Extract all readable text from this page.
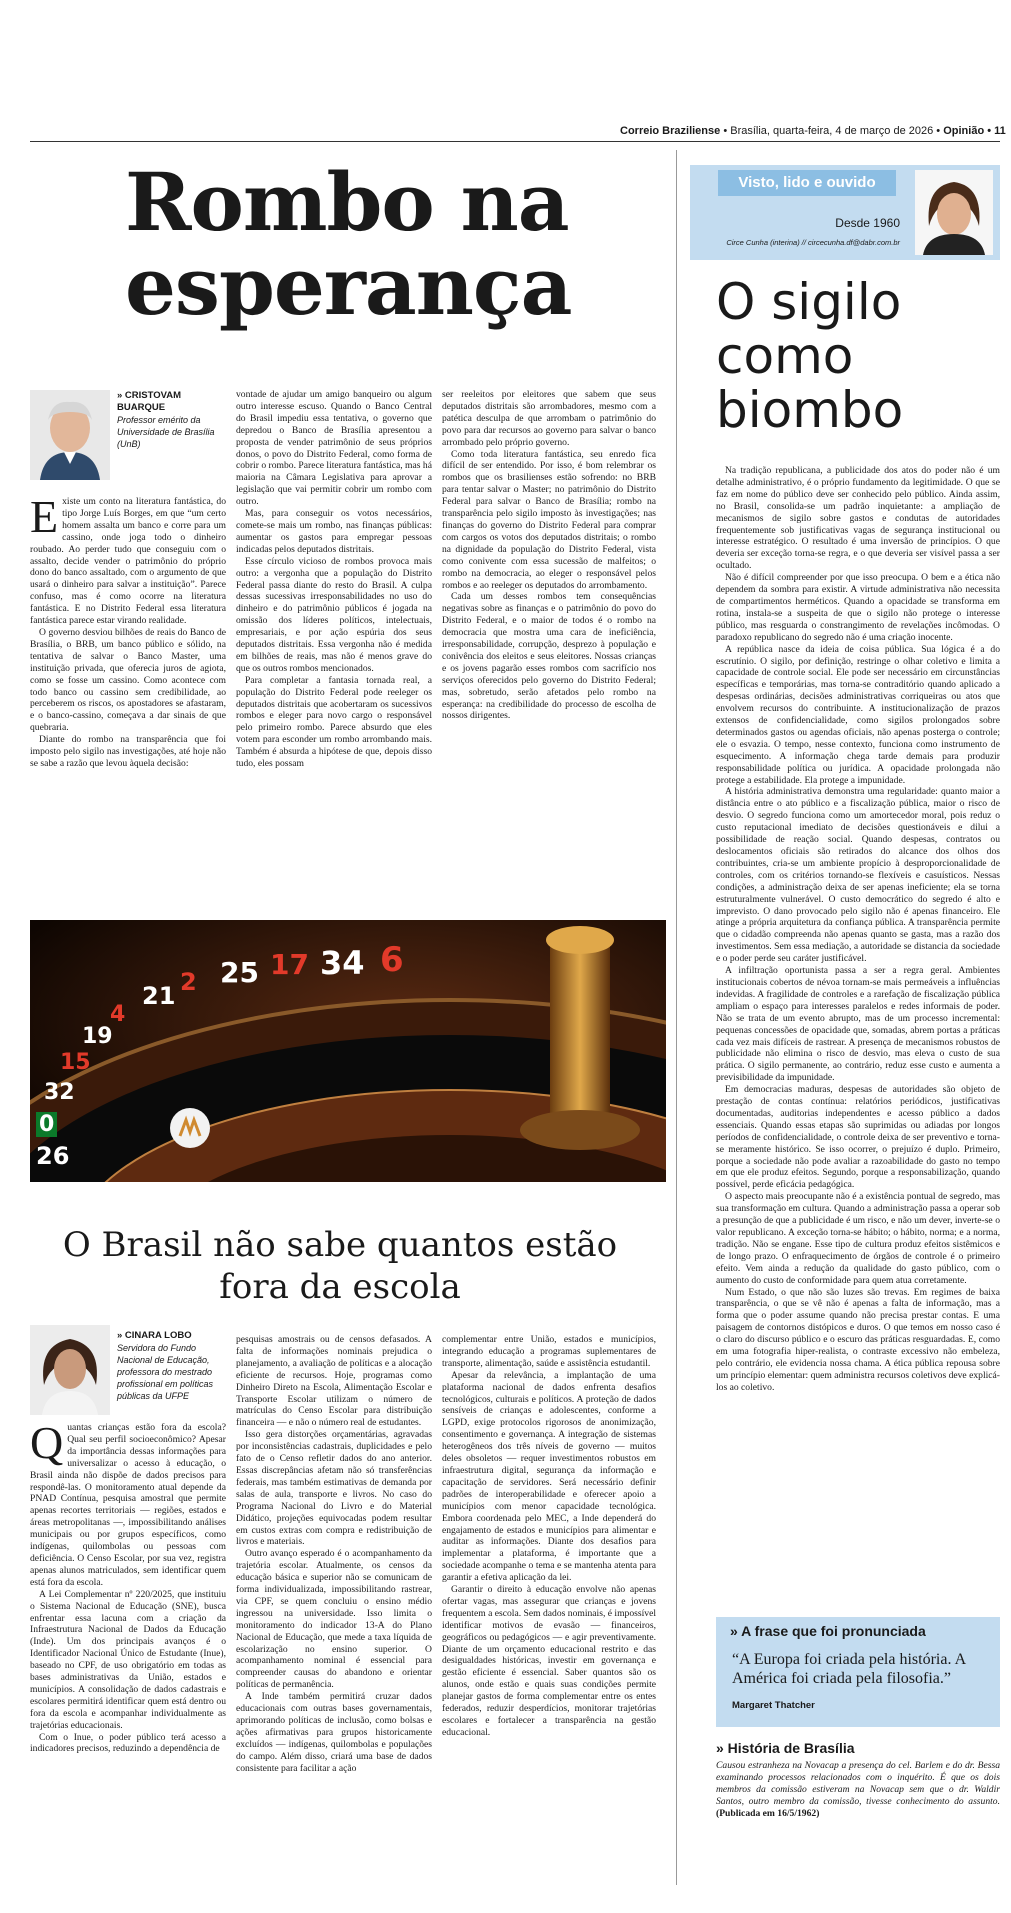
Correio Braziliense • Brasília, quarta-feira, 4 de março de 2026 • Opinião • 11
Rombo na
esperança
» CRISTOVAM BUARQUE
Professor emérito da Universidade de Brasília (UnB)

Existe um conto na literatura fantástica, do tipo Jorge Luís Borges, em que “um certo homem assalta um banco e corre para um cassino, onde joga todo o dinheiro roubado. Ao perder tudo que conseguiu com o assalto, decide vender o patrimônio do próprio dono do banco assaltado, com o argumento de que usará o dinheiro para salvar a instituição”. Parece confuso, mas é como ocorre na literatura fantástica. E no Distrito Federal essa literatura fantástica parece estar virando realidade.

O governo desviou bilhões de reais do Banco de Brasília, o BRB, um banco público e sólido, na tentativa de salvar o Banco Master, uma instituição privada, que oferecia juros de agiota, como se fosse um cassino. Como acontece com todo banco ou cassino sem credibilidade, ao perceberem os riscos, os apostadores se afastaram, e o banco-cassino, começava a dar sinais de que quebraria.

Diante do rombo na transparência que foi imposto pelo sigilo nas investigações, até hoje não se sabe a razão que levou àquela decisão:

vontade de ajudar um amigo banqueiro ou algum outro interesse escuso. Quando o Banco Central do Brasil impediu essa tentativa, o governo que depredou o Banco de Brasília apresentou a proposta de vender patrimônio de seus próprios donos, o povo do Distrito Federal, como forma de cobrir o rombo. Parece literatura fantástica, mas há maioria na Câmara Legislativa para aprovar a legislação que vai permitir cobrir um rombo com outro.

Mas, para conseguir os votos necessários, comete-se mais um rombo, nas finanças públicas: aumentar os gastos para empregar pessoas indicadas pelos deputados distritais.

Esse círculo vicioso de rombos provoca mais outro: a vergonha que a população do Distrito Federal passa diante do resto do Brasil. A culpa dessas sucessivas irresponsabilidades no uso do dinheiro e do patrimônio públicos é jogada na omissão dos líderes políticos, intelectuais, empresariais, e por ação espúria dos seus deputados distritais. Essa vergonha não é medida em bilhões de reais, mas não é menos grave do que os outros rombos mencionados.

Para completar a fantasia tornada real, a população do Distrito Federal pode reeleger os deputados distritais que acobertaram os sucessivos rombos e eleger para novo cargo o responsável pelo primeiro rombo. Parece absurdo que eles votem para esconder um rombo arrombando mais. Também é absurda a hipótese de que, depois disso tudo, eles possam

ser reeleitos por eleitores que sabem que seus deputados distritais são arrombadores, mesmo com a patética desculpa de que arrombam o patrimônio do povo para dar recursos ao governo para salvar o banco arrombado pelo próprio governo.

Como toda literatura fantástica, seu enredo fica difícil de ser entendido. Por isso, é bom relembrar os rombos que os brasilienses estão sofrendo: no BRB para tentar salvar o Master; no patrimônio do Distrito Federal para salvar o Banco de Brasília; rombo na transparência pelo sigilo imposto às investigações; nas finanças do governo do Distrito Federal para comprar com cargos os votos dos deputados distritais; o rombo na dignidade da população do Distrito Federal, vista como conivente com essa sucessão de malfeitos; o rombo na democracia, ao eleger o responsável pelos rombos e ao reeleger os deputados do arrombamento.

Cada um desses rombos tem consequências negativas sobre as finanças e o patrimônio do povo do Distrito Federal, e o maior de todos é o rombo na democracia que mostra uma cara de ineficiência, irresponsabilidade, corrupção, desprezo à população e conivência dos eleitos e seus eleitores. Nossas crianças e os jovens pagarão esses rombos com sacrifício nos serviços oferecidos pelo governo do Distrito Federal; mas, sobretudo, serão afetados pelo rombo na esperança: na credibilidade do processo de escolha de nossos dirigentes.

26
0
32
15
19
4
21 2 25 17 34 6
O Brasil não sabe quantos estão fora da escola
» CINARA LOBO
Servidora do Fundo Nacional de Educação, professora do mestrado profissional em políticas públicas da UFPE

Quantas crianças estão fora da escola? Qual seu perfil socioeconômico? Apesar da importância dessas informações para universalizar o acesso à educação, o Brasil ainda não dispõe de dados precisos para respondê-las. O monitoramento atual depende da PNAD Contínua, pesquisa amostral que permite apenas recortes territoriais — regiões, estados e áreas metropolitanas —, impossibilitando análises municipais ou por grupos específicos, como indígenas, quilombolas ou pessoas com deficiência. O Censo Escolar, por sua vez, registra apenas alunos matriculados, sem identificar quem está fora da escola.

A Lei Complementar nº 220/2025, que instituiu o Sistema Nacional de Educação (SNE), busca enfrentar essa lacuna com a criação da Infraestrutura Nacional de Dados da Educação (Inde). Um dos principais avanços é o Identificador Nacional Único de Estudante (Inue), baseado no CPF, de uso obrigatório em todas as bases administrativas da União, estados e municípios. A consolidação de dados cadastrais e escolares permitirá identificar quem está dentro ou fora da escola e acompanhar individualmente as trajetórias educacionais.

Com o Inue, o poder público terá acesso a indicadores precisos, reduzindo a dependência de

pesquisas amostrais ou de censos defasados. A falta de informações nominais prejudica o planejamento, a avaliação de políticas e a alocação eficiente de recursos. Hoje, programas como Dinheiro Direto na Escola, Alimentação Escolar e Transporte Escolar utilizam o número de matrículas do Censo Escolar para distribuição financeira — e não o número real de estudantes.

Isso gera distorções orçamentárias, agravadas por inconsistências cadastrais, duplicidades e pelo fato de o Censo refletir dados do ano anterior. Essas discrepâncias afetam não só transferências federais, mas também estimativas de demanda por salas de aula, transporte e livros. No caso do Programa Nacional do Livro e do Material Didático, projeções equivocadas podem resultar em custos extras com compra e redistribuição de livros e materiais.

Outro avanço esperado é o acompanhamento da trajetória escolar. Atualmente, os censos da educação básica e superior não se comunicam de forma individualizada, impossibilitando rastrear, via CPF, se quem concluiu o ensino médio ingressou na universidade. Isso limita o monitoramento do indicador 13-A do Plano Nacional de Educação, que mede a taxa líquida de escolarização no ensino superior. O acompanhamento nominal é essencial para compreender causas do abandono e orientar políticas de permanência.

A Inde também permitirá cruzar dados educacionais com outras bases governamentais, aprimorando políticas de inclusão, como bolsas e ações afirmativas para grupos historicamente excluídos — indígenas, quilombolas e populações do campo. Além disso, criará uma base de dados consistente para facilitar a ação

complementar entre União, estados e municípios, integrando educação a programas suplementares de transporte, alimentação, saúde e assistência estudantil.

Apesar da relevância, a implantação de uma plataforma nacional de dados enfrenta desafios tecnológicos, culturais e políticos. A proteção de dados sensíveis de crianças e adolescentes, conforme a LGPD, exige protocolos rigorosos de anonimização, consentimento e governança. A integração de sistemas heterogêneos dos três níveis de governo — muitos deles obsoletos — requer investimentos robustos em infraestrutura digital, segurança da informação e capacitação de servidores. Será necessário definir padrões de interoperabilidade e oferecer apoio a municípios com menor capacidade tecnológica. Embora coordenada pelo MEC, a Inde dependerá do engajamento de estados e municípios para alimentar e auditar as informações. Diante dos desafios para implementar a plataforma, é importante que a sociedade acompanhe o tema e se mantenha atenta para garantir a efetiva aplicação da lei.

Garantir o direito à educação envolve não apenas ofertar vagas, mas assegurar que crianças e jovens frequentem a escola. Sem dados nominais, é impossível identificar motivos de evasão — financeiros, geográficos ou pedagógicos — e agir preventivamente. Diante de um orçamento educacional restrito e das desigualdades históricas, investir em governança e gestão eficiente é essencial. Saber quantos são os alunos, onde estão e quais suas condições permite planejar gastos de forma complementar entre os entes federados, reduzir desperdícios, monitorar trajetórias escolares e fortalecer a transparência na gestão educacional.

Visto, lido e ouvido
Desde 1960
Circe Cunha (interina) // circecunha.df@dabr.com.br
O sigilo
como
biombo

Na tradição republicana, a publicidade dos atos do poder não é um detalhe administrativo, é o próprio fundamento da legitimidade. O que se faz em nome do público deve ser conhecido pelo público. Ainda assim, no Brasil, consolida-se um padrão inquietante: a ampliação de mecanismos de sigilo sobre gastos e condutas de autoridades frequentemente sob justificativas vagas de segurança institucional ou interesse estratégico. O resultado é uma inversão de princípios. O que deveria ser exceção torna-se regra, e o que deveria ser visível passa a ser ocultado.

Não é difícil compreender por que isso preocupa. O bem e a ética não dependem da sombra para existir. A virtude administrativa não necessita de compartimentos herméticos. Quando a opacidade se transforma em rotina, instala-se a suspeita de que o sigilo não protege o interesse público, mas resguarda o constrangimento de revelações incômodas. O paradoxo republicano do segredo não é uma criação inocente.

A república nasce da ideia de coisa pública. Sua lógica é a do escrutínio. O sigilo, por definição, restringe o olhar coletivo e limita a capacidade de controle social. Ele pode ser necessário em circunstâncias específicas e temporárias, mas torna-se contraditório quando aplicado a despesas ordinárias, decisões administrativas corriqueiras ou atos que envolvem recursos do contribuinte. A institucionalização de prazos extensos de confidencialidade, como sigilos prolongados sobre determinados gastos ou agendas oficiais, não apenas posterga o controle; ele o esvazia. O tempo, nesse contexto, funciona como instrumento de esquecimento. A informação chega tarde demais para produzir responsabilidade política ou jurídica. A opacidade prolongada não protege a estabilidade. Ela protege a impunidade.

A história administrativa demonstra uma regularidade: quanto maior a distância entre o ato público e a fiscalização pública, maior o risco de desvio. O segredo funciona como um amortecedor moral, pois reduz o custo reputacional imediato de decisões questionáveis e dilui a possibilidade de reação social. Quando despesas, contratos ou deslocamentos oficiais são retirados do alcance dos olhos dos contribuintes, cria-se um ambiente propício à desproporcionalidade de controles, com os critérios tornando-se flexíveis e casuísticos. Nessas condições, a administração deixa de ser apenas ineficiente; ela se torna estruturalmente vulnerável. O custo democrático do segredo é alto e imprevisto. O dano provocado pelo sigilo não é apenas financeiro. Ele atinge a própria arquitetura da confiança pública. A transparência permite que o cidadão compreenda não apenas quanto se gasta, mas a razão dos investimentos. Sem essa mediação, a autoridade se distancia da sociedade e o poder perde seu caráter justificável.

A infiltração oportunista passa a ser a regra geral. Ambientes institucionais cobertos de névoa tornam-se mais permeáveis a influências indevidas. A fragilidade de controles e a rarefação de fiscalização pública ampliam o espaço para interesses paralelos e redes informais de poder. Não se trata de um evento abrupto, mas de um processo incremental: pequenas concessões de opacidade que, somadas, abrem portas a práticas cada vez mais difíceis de rastrear. A presença de mecanismos robustos de publicidade não elimina o risco de desvio, mas eleva o custo de sua prática. O sigilo permanente, ao contrário, reduz esse custo e aumenta a previsibilidade da impunidade.

Em democracias maduras, despesas de autoridades são objeto de prestação de contas contínua: relatórios periódicos, justificativas documentadas, auditorias independentes e acesso público a dados essenciais. Quando essas etapas são suprimidas ou adiadas por longos períodos de confidencialidade, o controle deixa de ser preventivo e torna-se meramente histórico. Se isso ocorrer, o prejuízo é duplo. Primeiro, porque a sociedade não pode avaliar a razoabilidade do gasto no tempo em que ele produz efeitos. Segundo, porque a responsabilização, quando possível, perde eficácia pedagógica.

O aspecto mais preocupante não é a existência pontual de segredo, mas sua transformação em cultura. Quando a administração passa a operar sob a presunção de que a publicidade é um risco, e não um dever, inverte-se o valor republicano. A exceção torna-se hábito; o hábito, norma; e a norma, tradição. Não se engane. Esse tipo de cultura produz efeitos sistêmicos e de longo prazo. O enfraquecimento de órgãos de controle é o primeiro efeito. Vem ainda a redução da qualidade do gasto público, com o aumento do custo de conformidade para quem atua corretamente.

Num Estado, o que não são luzes são trevas. Em regimes de baixa transparência, o que se vê não é apenas a falta de informação, mas a forma que o poder assume quando não precisa prestar contas. E uma paisagem de contornos distópicos e duros. O que temos em nosso caso é o claro do discurso público e o escuro das práticas resguardadas. E, como em uma fotografia hiper-realista, o contraste excessivo não embeleza, pelo contrário, ele evidencia nossa chama. A ética pública repousa sobre um princípio elementar: quem administra recursos coletivos deve explicá-los ao coletivo.

» A frase que foi pronunciada
“A Europa foi criada pela história. A América foi criada pela filosofia.”
Margaret Thatcher
» História de Brasília
Causou estranheza na Novacap a presença do cel. Barlem e do dr. Bessa examinando processos relacionados com o inquérito. É que os dois membros da comissão estiveram na Novacap sem que o dr. Waldir Santos, outro membro da comissão, tivesse conhecimento do assunto. (Publicada em 16/5/1962)
